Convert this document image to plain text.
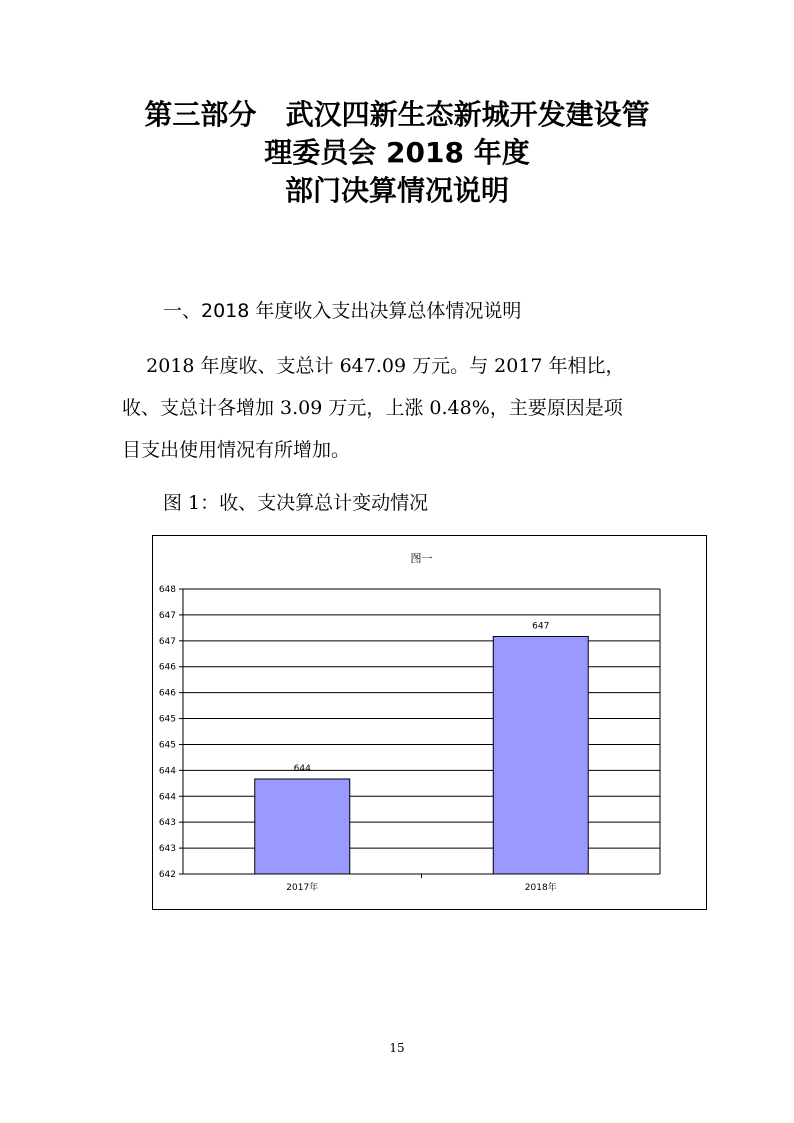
第三部分   武汉四新生态新城开发建设管
理委员会 2018 年度
部门决算情况说明
一、2018 年度收入支出决算总体情况说明
2018 年度收、支总计 647.09 万元。与 2017 年相比，
收、支总计各增加 3.09 万元，上涨 0.48%，主要原因是项
目支出使用情况有所增加。
图 1：收、支决算总计变动情况
图一
648
647
647
646
646
645
645
644
644
643
643
642
644
2017年
647
2018年
15
